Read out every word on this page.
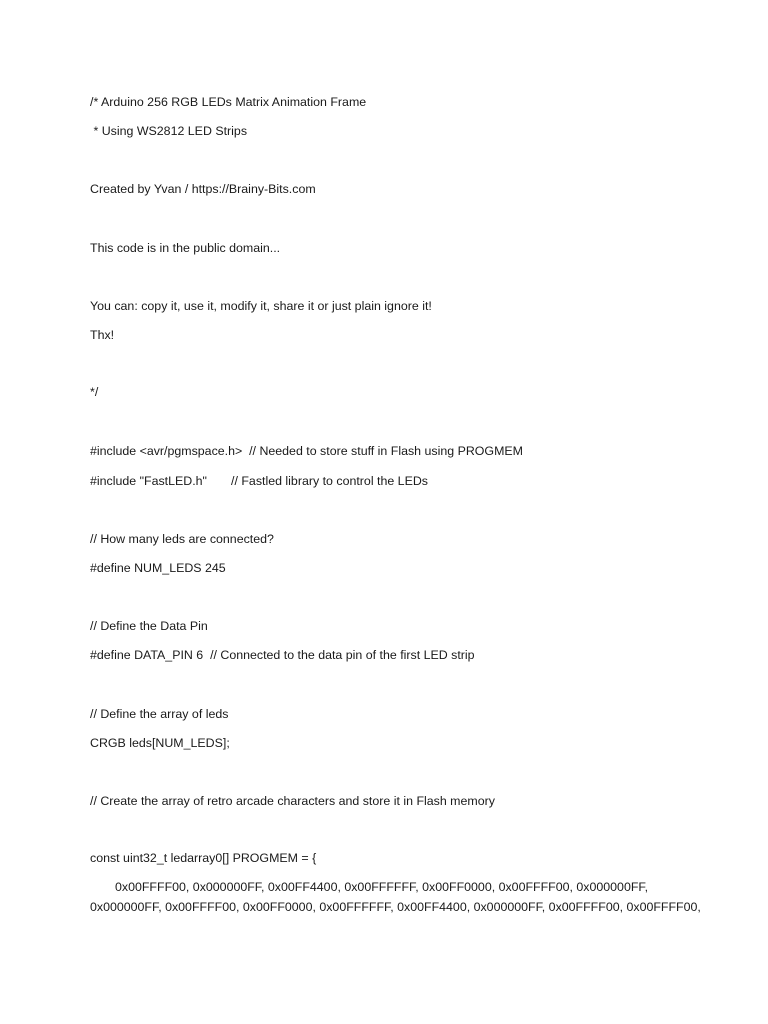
/* Arduino 256 RGB LEDs Matrix Animation Frame
* Using WS2812 LED Strips
Created by Yvan / https://Brainy-Bits.com
This code is in the public domain...
You can: copy it, use it, modify it, share it or just plain ignore it!
Thx!
*/
#include <avr/pgmspace.h>  // Needed to store stuff in Flash using PROGMEM
#include "FastLED.h"       // Fastled library to control the LEDs
// How many leds are connected?
#define NUM_LEDS 245
// Define the Data Pin
#define DATA_PIN 6  // Connected to the data pin of the first LED strip
// Define the array of leds
CRGB leds[NUM_LEDS];
// Create the array of retro arcade characters and store it in Flash memory
const uint32_t ledarray0[] PROGMEM = {
0x00FFFF00, 0x000000FF, 0x00FF4400, 0x00FFFFFF, 0x00FF0000, 0x00FFFF00, 0x000000FF,
0x000000FF, 0x00FFFF00, 0x00FF0000, 0x00FFFFFF, 0x00FF4400, 0x000000FF, 0x00FFFF00, 0x00FFFF00,
